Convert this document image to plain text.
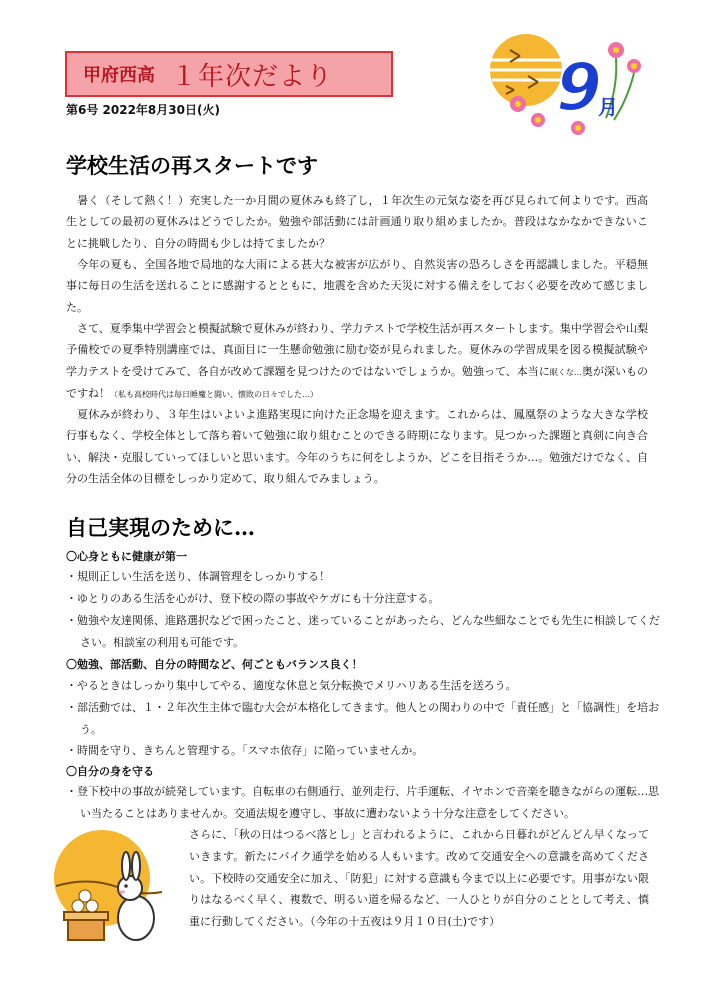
甲府西高 １年次だより
第6号 2022年8月30日(火)	9
月
学校生活の再スタートです

暑く（そして熱く！）充実した一か月間の夏休みも終了し，１年次生の元気な姿を再び見られて何よりです。西高生としての最初の夏休みはどうでしたか。勉強や部活動には計画通り取り組めましたか。普段はなかなかできないことに挑戦したり、自分の時間も少しは持てましたか？

今年の夏も、全国各地で局地的な大雨による甚大な被害が広がり、自然災害の恐ろしさを再認識しました。平穏無事に毎日の生活を送れることに感謝するとともに、地震を含めた天災に対する備えをしておく必要を改めて感じました。

さて、夏季集中学習会と模擬試験で夏休みが終わり、学力テストで学校生活が再スタートします。集中学習会や山梨予備校での夏季特別講座では、真面目に一生懸命勉強に励む姿が見られました。夏休みの学習成果を図る模擬試験や学力テストを受けてみて、各自が改めて課題を見つけたのではないでしょうか。勉強って、本当に眠くな…奥が深いものですね！（私も高校時代は毎日睡魔と闘い、懐敗の日々でした…）

夏休みが終わり、３年生はいよいよ進路実現に向けた正念場を迎えます。これからは、鳳凰祭のような大きな学校行事もなく、学校全体として落ち着いて勉強に取り組むことのできる時期になります。見つかった課題と真剣に向き合い、解決・克服していってほしいと思います。今年のうちに何をしようか、どこを目指そうか…。勉強だけでなく、自分の生活全体の目標をしっかり定めて、取り組んでみましょう。

自己実現のために…

〇心身ともに健康が第一

・規則正しい生活を送り、体調管理をしっかりする！

・ゆとりのある生活を心がけ、登下校の際の事故やケガにも十分注意する。

・勉強や友達関係、進路選択などで困ったこと、迷っていることがあったら、どんな些細なことでも先生に相談してください。相談室の利用も可能です。

〇勉強、部活動、自分の時間など、何ごともバランス良く！

・やるときはしっかり集中してやる、適度な休息と気分転換でメリハリある生活を送ろう。

・部活動では、１・２年次生主体で臨む大会が本格化してきます。他人との関わりの中で「責任感」と「協調性」を培おう。

・時間を守り、きちんと管理する。「スマホ依存」に陥っていませんか。

〇自分の身を守る

・登下校中の事故が続発しています。自転車の右側通行、並列走行、片手運転、イヤホンで音楽を聴きながらの運転…思い当たることはありませんか。交通法規を遵守し、事故に遭わないよう十分な注意をしてください。

さらに、「秋の日はつるべ落とし」と言われるように、これから日暮れがどんどん早くなっていきます。新たにバイク通学を始める人もいます。改めて交通安全への意識を高めてください。下校時の交通安全に加え、「防犯」に対する意識も今まで以上に必要です。用事がない限りはなるべく早く、複数で、明るい道を帰るなど、一人ひとりが自分のこととして考え、慎重に行動してください。（今年の十五夜は９月１０日(土)です）
